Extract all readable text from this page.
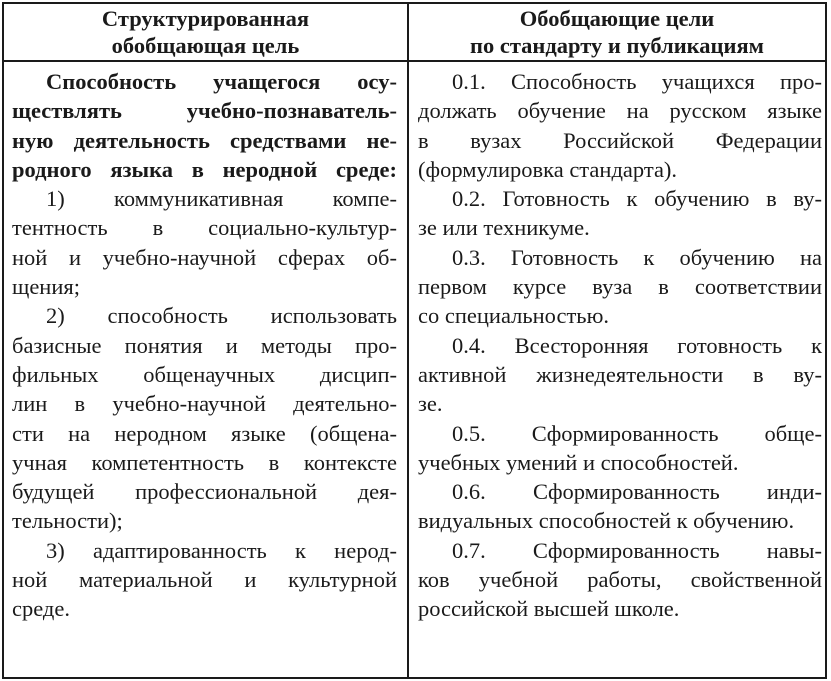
Структурированная
обобщающая цель
Обобщающие цели
по стандарту и публикациям
Способность учащегося осу-
ществлять учебно-познаватель-
ную деятельность средствами не-
родного языка в неродной среде:
1) коммуникативная компе-
тентность в социально-культур-
ной и учебно-научной сферах об-
щения;
2) способность использовать
базисные понятия и методы про-
фильных общенаучных дисцип-
лин в учебно-научной деятельно-
сти на неродном языке (общена-
учная компетентность в контексте
будущей профессиональной дея-
тельности);
3) адаптированность к нерод-
ной материальной и культурной
среде.
0.1. Способность учащихся про-
должать обучение на русском языке
в вузах Российской Федерации
(формулировка стандарта).
0.2. Готовность к обучению в ву-
зе или техникуме.
0.3. Готовность к обучению на
первом курсе вуза в соответствии
со специальностью.
0.4. Всесторонняя готовность к
активной жизнедеятельности в ву-
зе.
0.5. Сформированность обще-
учебных умений и способностей.
0.6. Сформированность инди-
видуальных способностей к обучению.
0.7. Сформированность навы-
ков учебной работы, свойственной
российской высшей школе.
